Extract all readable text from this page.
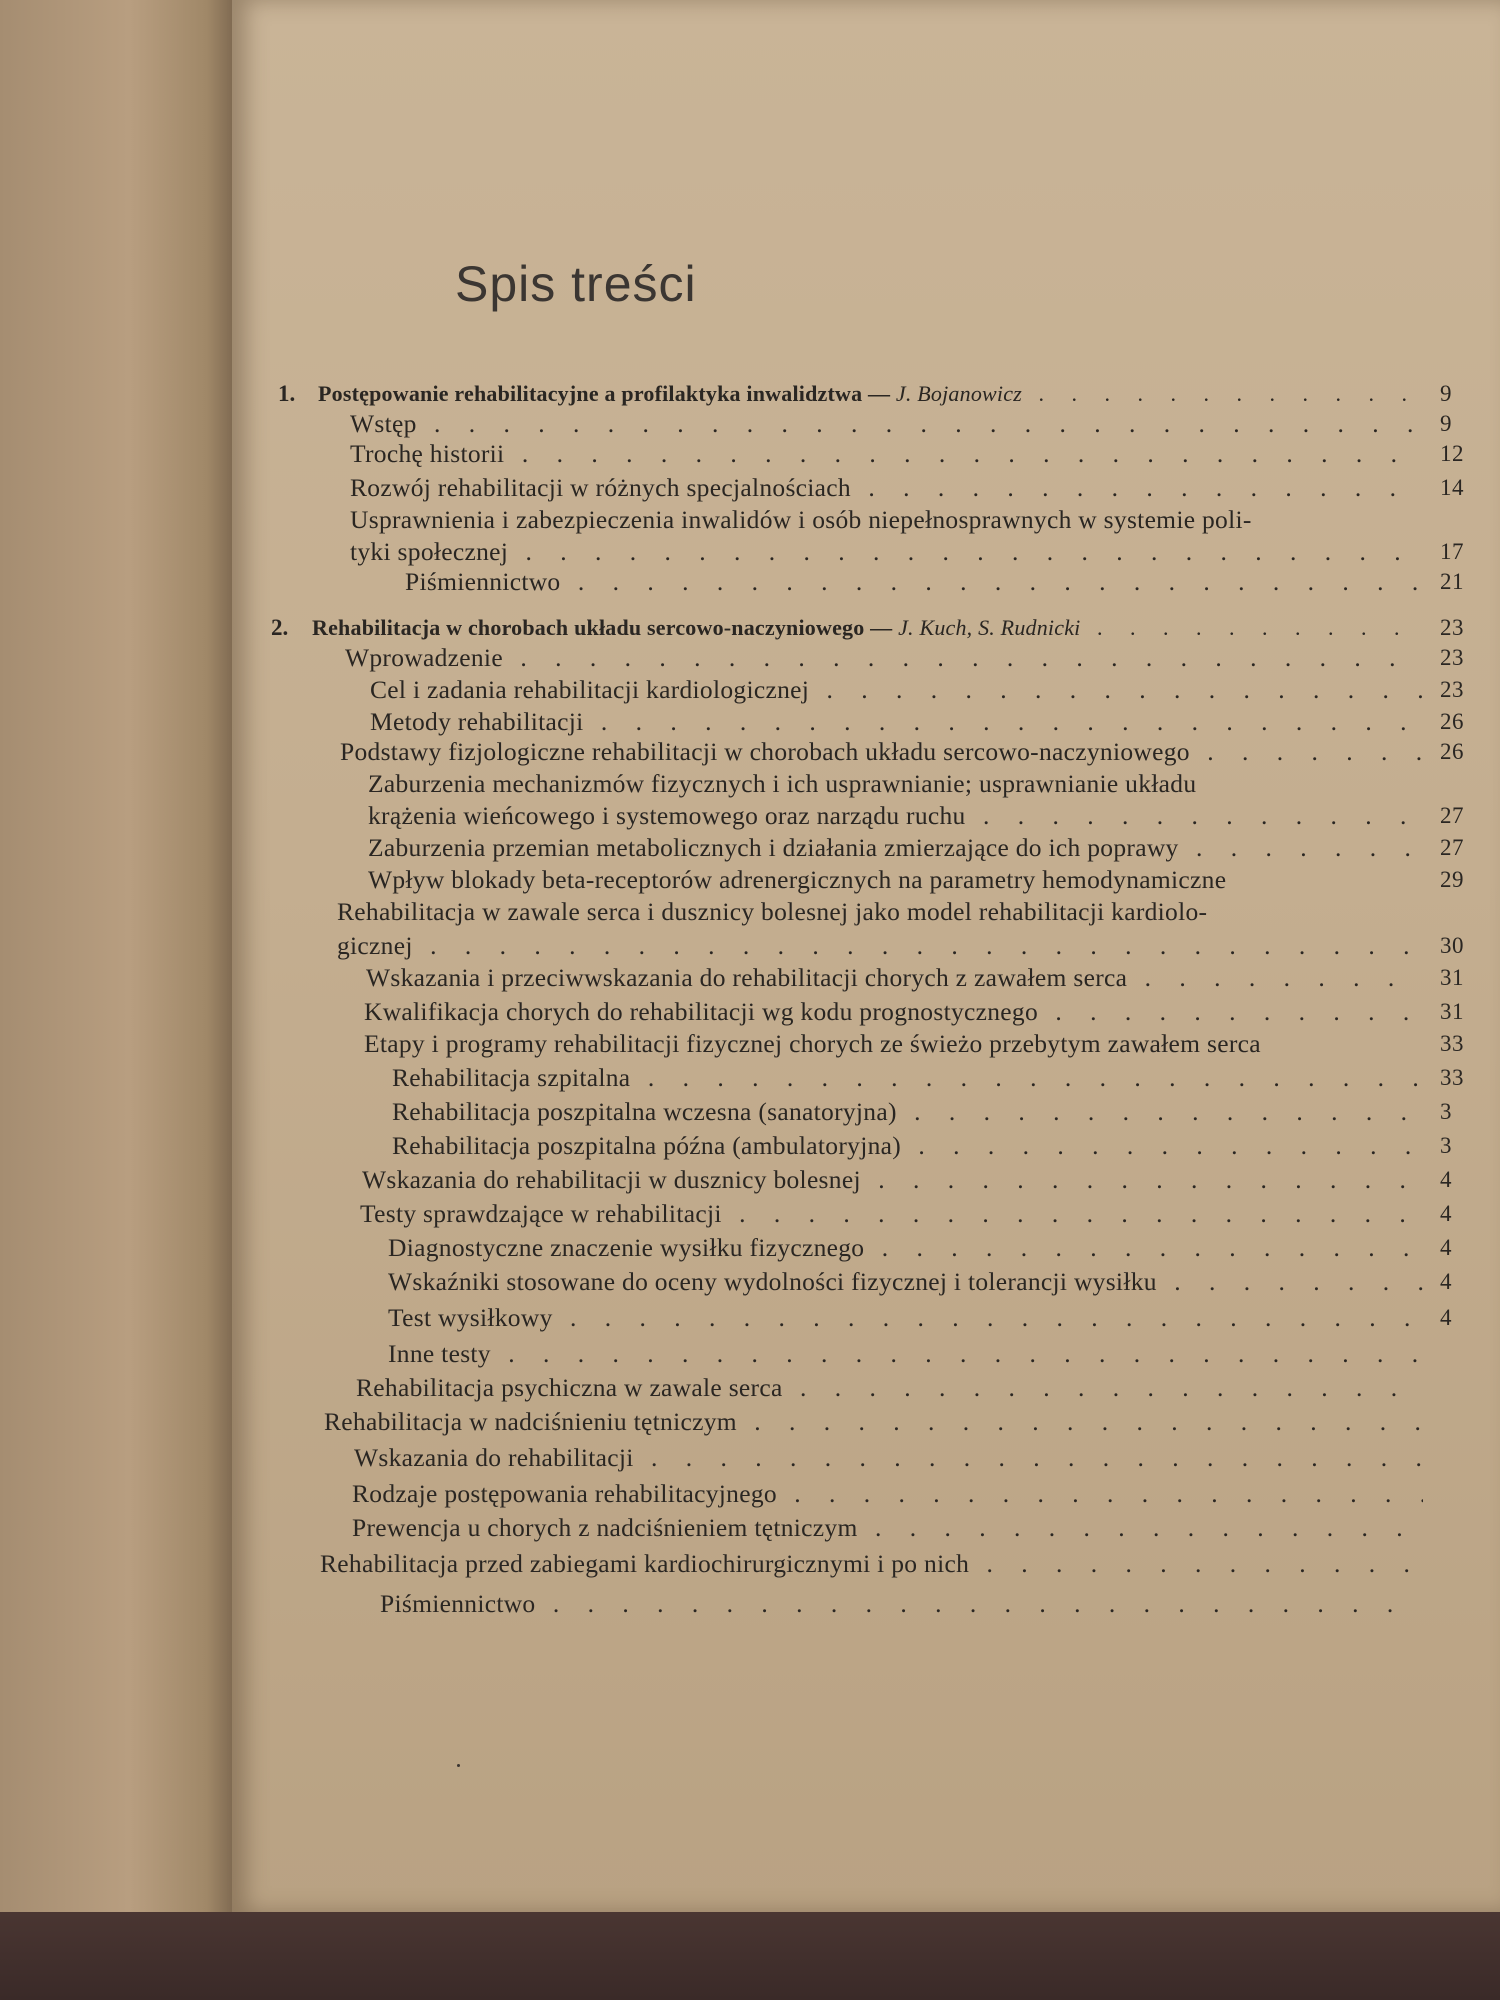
Spis treści
1. Postępowanie rehabilitacyjne a profilaktyka inwalidztwa — J. Bojanowicz . . .	9
Wstęp . . .	9
Trochę historii . . .	12
Rozwój rehabilitacji w różnych specjalnościach . . .	14
Usprawnienia i zabezpieczenia inwalidów i osób niepełnosprawnych w systemie poli-
tyki społecznej . . .	17
Piśmiennictwo . . .	21
2. Rehabilitacja w chorobach układu sercowo-naczyniowego — J. Kuch, S. Rudnicki . . .	23
Wprowadzenie . . .	23
Cel i zadania rehabilitacji kardiologicznej . . .	23
Metody rehabilitacji . . .	26
Podstawy fizjologiczne rehabilitacji w chorobach układu sercowo-naczyniowego . . .	26
Zaburzenia mechanizmów fizycznych i ich usprawnianie; usprawnianie układu
krążenia wieńcowego i systemowego oraz narządu ruchu . . .	27
Zaburzenia przemian metabolicznych i działania zmierzające do ich poprawy . . .	27
Wpływ blokady beta-receptorów adrenergicznych na parametry hemodynamiczne	29
Rehabilitacja w zawale serca i dusznicy bolesnej jako model rehabilitacji kardiolo-
gicznej . . .	30
Wskazania i przeciwwskazania do rehabilitacji chorych z zawałem serca . . .	31
Kwalifikacja chorych do rehabilitacji wg kodu prognostycznego . . .	31
Etapy i programy rehabilitacji fizycznej chorych ze świeżo przebytym zawałem serca	33
Rehabilitacja szpitalna . . .	33
Rehabilitacja poszpitalna wczesna (sanatoryjna) . . .	3
Rehabilitacja poszpitalna późna (ambulatoryjna) . . .	3
Wskazania do rehabilitacji w dusznicy bolesnej . . .	4
Testy sprawdzające w rehabilitacji . . .	4
Diagnostyczne znaczenie wysiłku fizycznego . . .	4
Wskaźniki stosowane do oceny wydolności fizycznej i tolerancji wysiłku . . .	4
Test wysiłkowy . . .	4
Inne testy . . .
Rehabilitacja psychiczna w zawale serca . . .
Rehabilitacja w nadciśnieniu tętniczym . . .
Wskazania do rehabilitacji . . .
Rodzaje postępowania rehabilitacyjnego . . .
Prewencja u chorych z nadciśnieniem tętniczym . . .
Rehabilitacja przed zabiegami kardiochirurgicznymi i po nich . . .
Piśmiennictwo . . .
